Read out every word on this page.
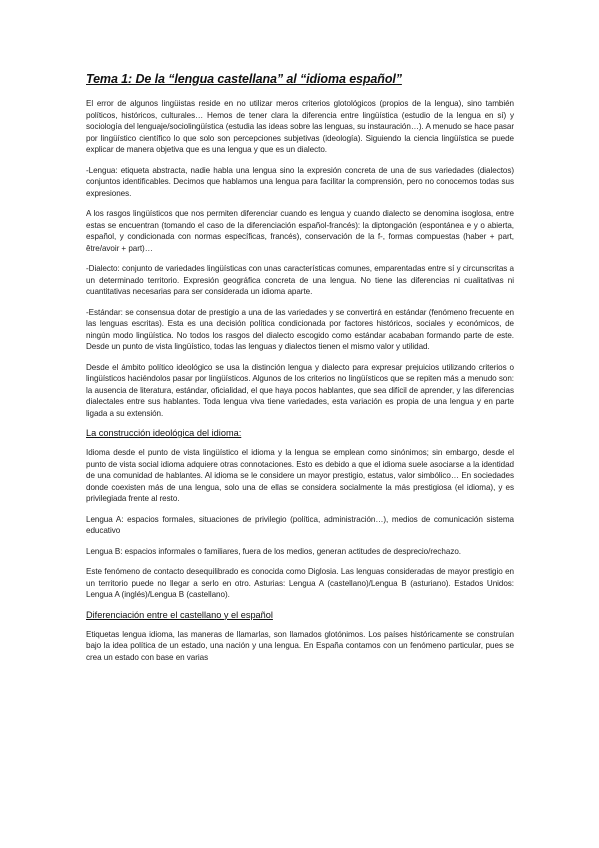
Tema 1: De la “lengua castellana” al “idioma español”

El error de algunos lingüistas reside en no utilizar meros criterios glotológicos (propios de la lengua), sino también políticos, históricos, culturales… Hemos de tener clara la diferencia entre lingüística (estudio de la lengua en sí) y sociología del lenguaje/sociolingüística (estudia las ideas sobre las lenguas, su instauración…). A menudo se hace pasar por lingüístico científico lo que solo son percepciones subjetivas (ideología). Siguiendo la ciencia lingüística se puede explicar de manera objetiva que es una lengua y que es un dialecto.

-Lengua: etiqueta abstracta, nadie habla una lengua sino la expresión concreta de una de sus variedades (dialectos) conjuntos identificables. Decimos que hablamos una lengua para facilitar la comprensión, pero no conocemos todas sus expresiones.

A los rasgos lingüísticos que nos permiten diferenciar cuando es lengua y cuando dialecto se denomina isoglosa, entre estas se encuentran (tomando el caso de la diferenciación español-francés): la diptongación (espontánea e y o abierta, español, y condicionada con normas específicas, francés), conservación de la f-, formas compuestas (haber + part, être/avoir + part)…

-Dialecto: conjunto de variedades lingüísticas con unas características comunes, emparentadas entre sí y circunscritas a un determinado territorio. Expresión geográfica concreta de una lengua. No tiene las diferencias ni cualitativas ni cuantitativas necesarias para ser considerada un idioma aparte.

-Estándar: se consensua dotar de prestigio a una de las variedades y se convertirá en estándar (fenómeno frecuente en las lenguas escritas). Esta es una decisión política condicionada por factores históricos, sociales y económicos, de ningún modo lingüística. No todos los rasgos del dialecto escogido como estándar acababan formando parte de este. Desde un punto de vista lingüístico, todas las lenguas y dialectos tienen el mismo valor y utilidad.

Desde el ámbito político ideológico se usa la distinción lengua y dialecto para expresar prejuicios utilizando criterios o lingüísticos haciéndolos pasar por lingüísticos. Algunos de los criterios no lingüísticos que se repiten más a menudo son: la ausencia de literatura, estándar, oficialidad, el que haya pocos hablantes, que sea difícil de aprender, y las diferencias dialectales entre sus hablantes. Toda lengua viva tiene variedades, esta variación es propia de una lengua y en parte ligada a su extensión.

La construcción ideológica del idioma:

Idioma desde el punto de vista lingüístico el idioma y la lengua se emplean como sinónimos; sin embargo, desde el punto de vista social idioma adquiere otras connotaciones. Esto es debido a que el idioma suele asociarse a la identidad de una comunidad de hablantes. Al idioma se le considere un mayor prestigio, estatus, valor simbólico… En sociedades donde coexisten más de una lengua, solo una de ellas se considera socialmente la más prestigiosa (el idioma), y es privilegiada frente al resto.

Lengua A: espacios formales, situaciones de privilegio (política, administración…), medios de comunicación sistema educativo

Lengua B: espacios informales o familiares, fuera de los medios, generan actitudes de desprecio/rechazo.

Este fenómeno de contacto desequilibrado es conocida como Diglosia. Las lenguas consideradas de mayor prestigio en un territorio puede no llegar a serlo en otro. Asturias: Lengua A (castellano)/Lengua B (asturiano). Estados Unidos: Lengua A (inglés)/Lengua B (castellano).

Diferenciación entre el castellano y el español

Etiquetas lengua idioma, las maneras de llamarlas, son llamados glotónimos. Los países históricamente se construían bajo la idea política de un estado, una nación y una lengua. En España contamos con un fenómeno particular, pues se crea un estado con base en varias
